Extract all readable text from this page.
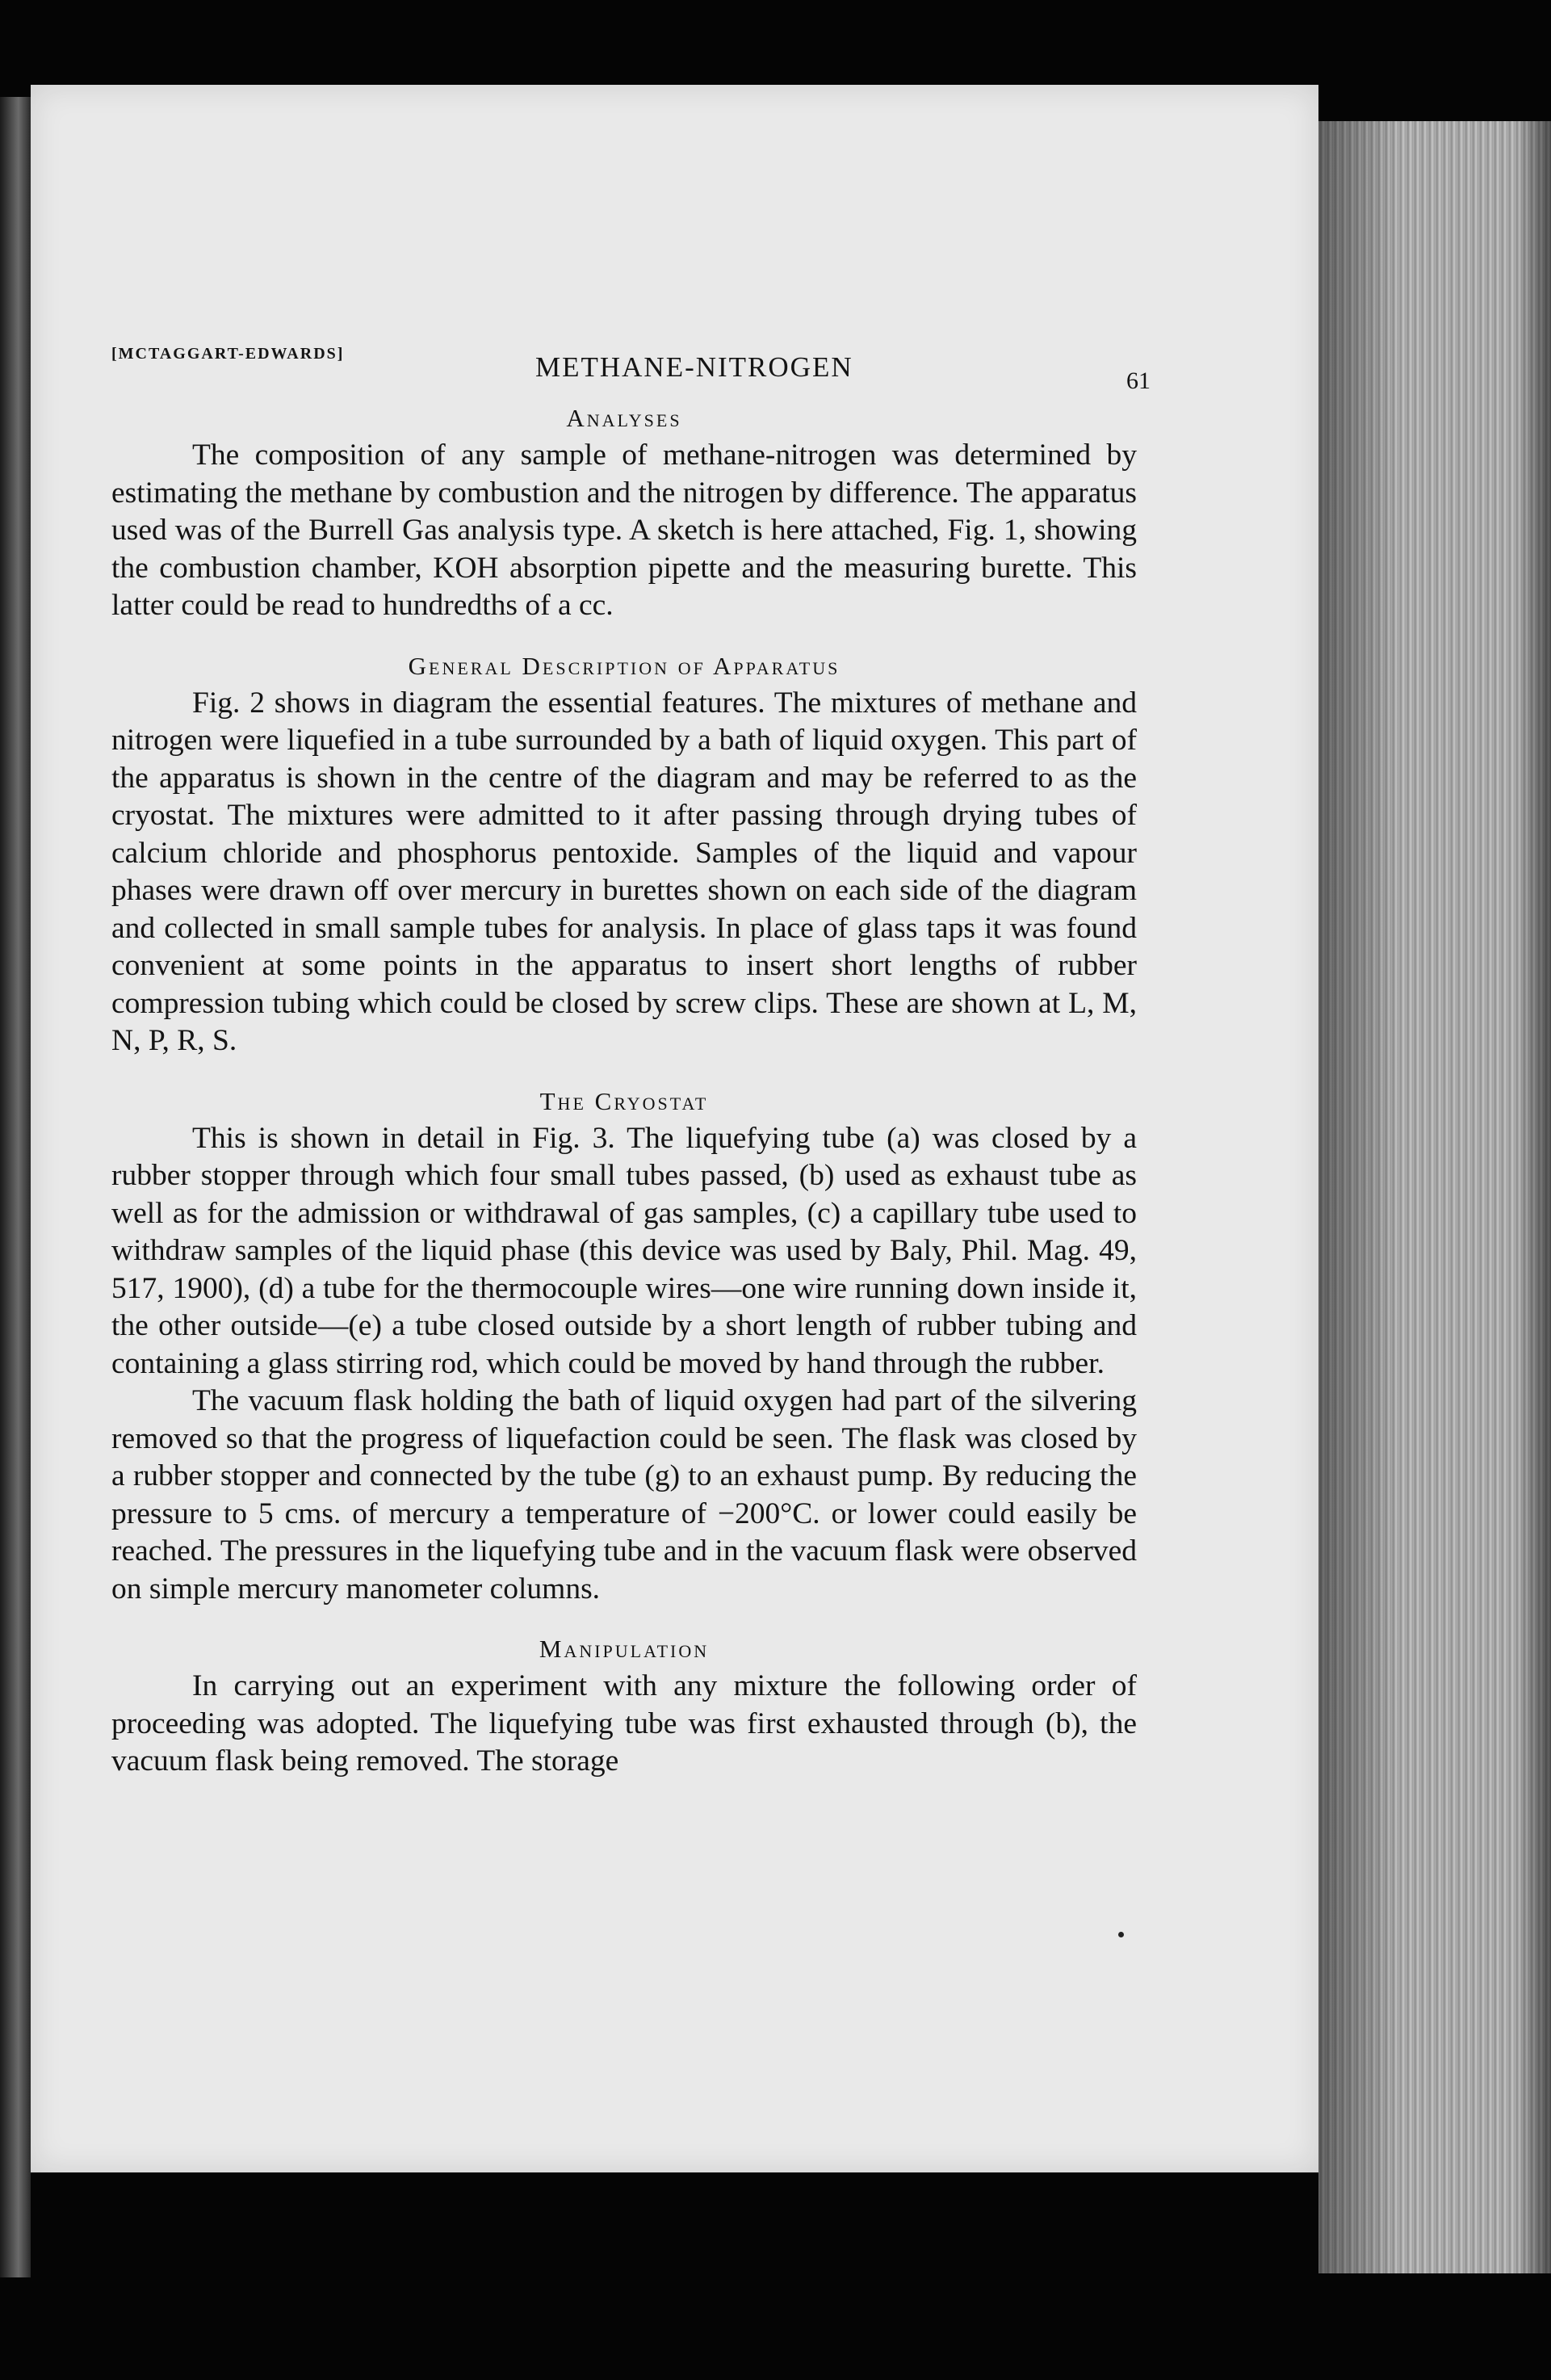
[MCTAGGART-EDWARDS]	METHANE-NITROGEN	61
Analyses

The composition of any sample of methane-nitrogen was determined by estimating the methane by combustion and the nitrogen by difference. The apparatus used was of the Burrell Gas analysis type. A sketch is here attached, Fig. 1, showing the combustion chamber, KOH absorption pipette and the measuring burette. This latter could be read to hundredths of a cc.

General Description of Apparatus

Fig. 2 shows in diagram the essential features. The mixtures of methane and nitrogen were liquefied in a tube surrounded by a bath of liquid oxygen. This part of the apparatus is shown in the centre of the diagram and may be referred to as the cryostat. The mixtures were admitted to it after passing through drying tubes of calcium chloride and phosphorus pentoxide. Samples of the liquid and vapour phases were drawn off over mercury in burettes shown on each side of the diagram and collected in small sample tubes for analysis. In place of glass taps it was found convenient at some points in the apparatus to insert short lengths of rubber compression tubing which could be closed by screw clips. These are shown at L, M, N, P, R, S.

The Cryostat

This is shown in detail in Fig. 3. The liquefying tube (a) was closed by a rubber stopper through which four small tubes passed, (b) used as exhaust tube as well as for the admission or withdrawal of gas samples, (c) a capillary tube used to withdraw samples of the liquid phase (this device was used by Baly, Phil. Mag. 49, 517, 1900), (d) a tube for the thermocouple wires—one wire running down inside it, the other outside—(e) a tube closed outside by a short length of rubber tubing and containing a glass stirring rod, which could be moved by hand through the rubber.

The vacuum flask holding the bath of liquid oxygen had part of the silvering removed so that the progress of liquefaction could be seen. The flask was closed by a rubber stopper and connected by the tube (g) to an exhaust pump. By reducing the pressure to 5 cms. of mercury a temperature of −200°C. or lower could easily be reached. The pressures in the liquefying tube and in the vacuum flask were observed on simple mercury manometer columns.

Manipulation

In carrying out an experiment with any mixture the following order of proceeding was adopted. The liquefying tube was first exhausted through (b), the vacuum flask being removed. The storage
